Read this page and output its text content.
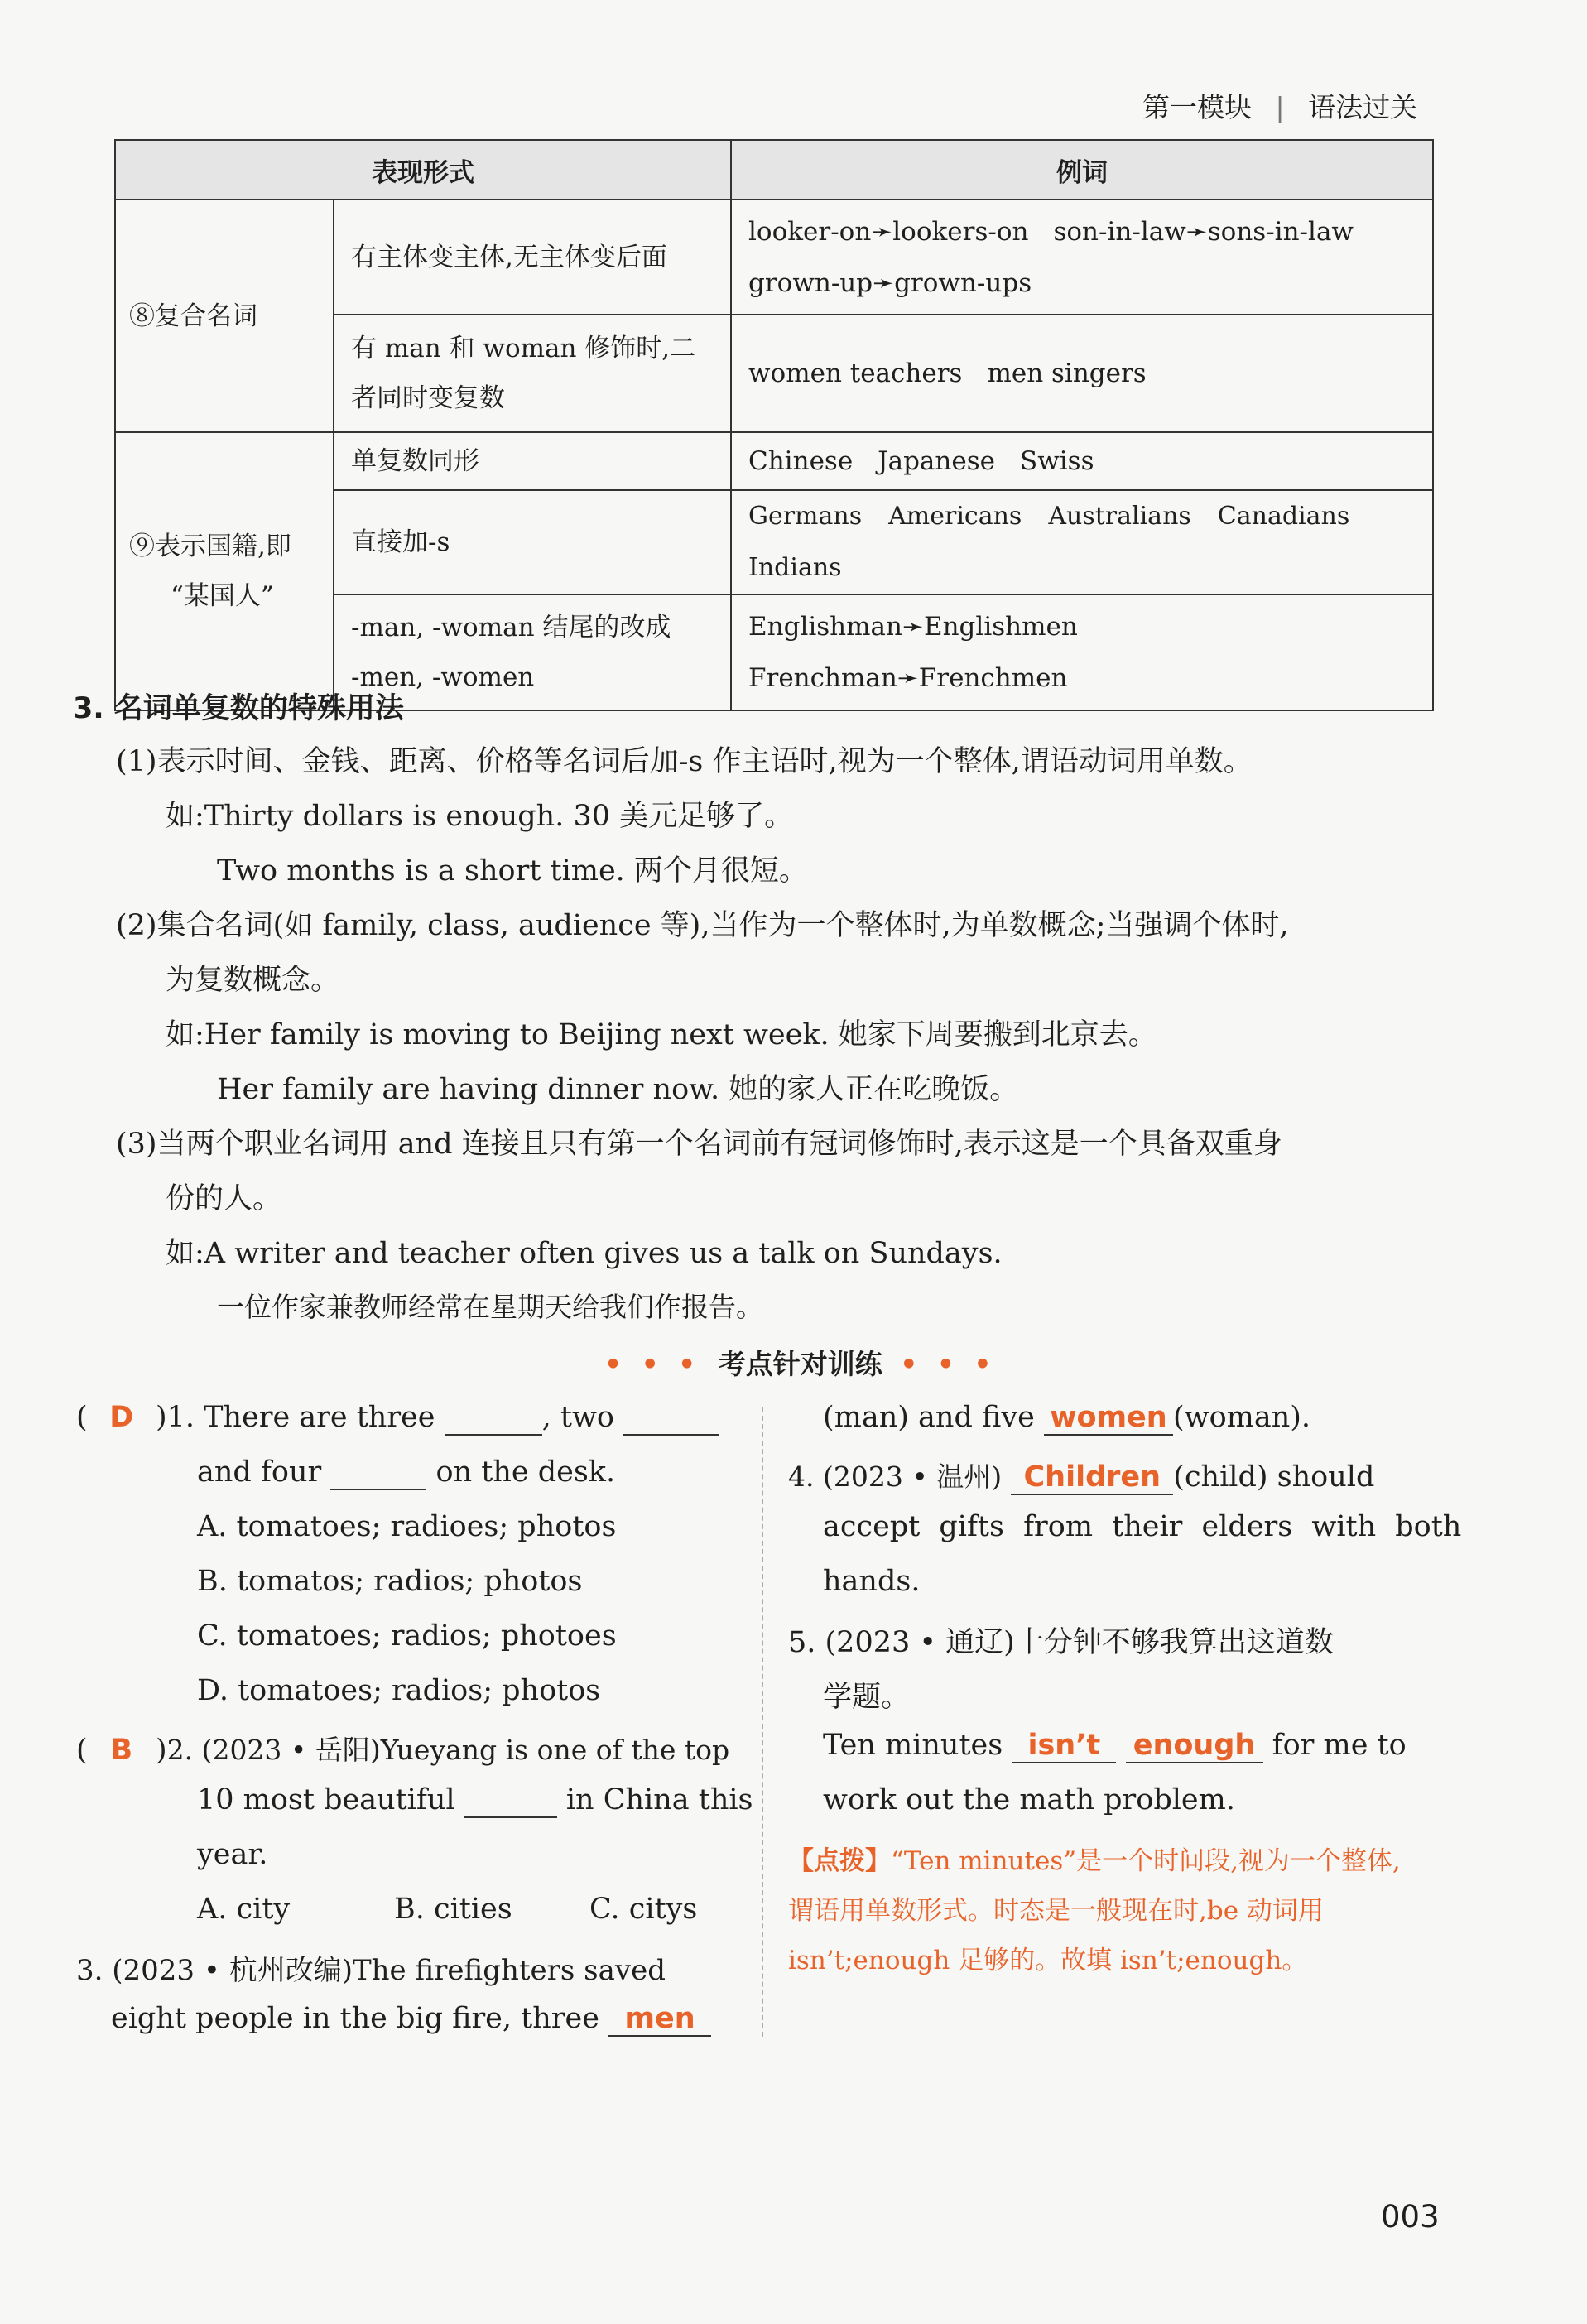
第一模块 | 语法过关
表现形式		例词
⑧复合名词	有主体变主体,无主体变后面	looker-on➛lookers-on son-in-law➛sons-in-law
grown-up➛grown-ups
	有 man 和 woman 修饰时,二
者同时变复数	women teachers men singers
⑨表示国籍,即
“某国人”	单复数同形	Chinese Japanese Swiss
	直接加-s	Germans Americans Australians CanadiansIndians
	-man, -woman 结尾的改成
-men, -women	Englishman➛EnglishmenFrenchman➛Frenchmen
3. 名词单复数的特殊用法
(1)表示时间、金钱、距离、价格等名词后加-s 作主语时,视为一个整体,谓语动词用单数。
如:Thirty dollars is enough. 30 美元足够了。
Two months is a short time. 两个月很短。
(2)集合名词(如 family, class, audience 等),当作为一个整体时,为单数概念;当强调个体时,
为复数概念。
如:Her family is moving to Beijing next week. 她家下周要搬到北京去。
Her family are having dinner now. 她的家人正在吃晚饭。
(3)当两个职业名词用 and 连接且只有第一个名词前有冠词修饰时,表示这是一个具备双重身
份的人。
如:A writer and teacher often gives us a talk on Sundays.
一位作家兼教师经常在星期天给我们作报告。
• • • 考点针对训练 • • •
( D )1. There are three	, two
and four	on the desk.
A. tomatoes; radioes; photos
B. tomatos; radios; photos
C. tomatoes; radios; photoes
D. tomatoes; radios; photos
( B )2. (2023 • 岳阳)Yueyang is one of the top
10 most beautiful	in China this
year.
A. city	B. cities	C. citys
3. (2023 • 杭州改编)The firefighters saved
eight people in the big fire, three men
(man) and five women (woman).
4. (2023 • 温州) Children (child) should
accept gifts from their elders with both
hands.
5. (2023 • 通辽)十分钟不够我算出这道数
学题。
Ten minutes isn’t enough for me to
work out the math problem.
【点拨】“Ten minutes”是一个时间段,视为一个整体,
谓语用单数形式。时态是一般现在时,be 动词用
isn’t;enough 足够的。故填 isn’t;enough。
003
